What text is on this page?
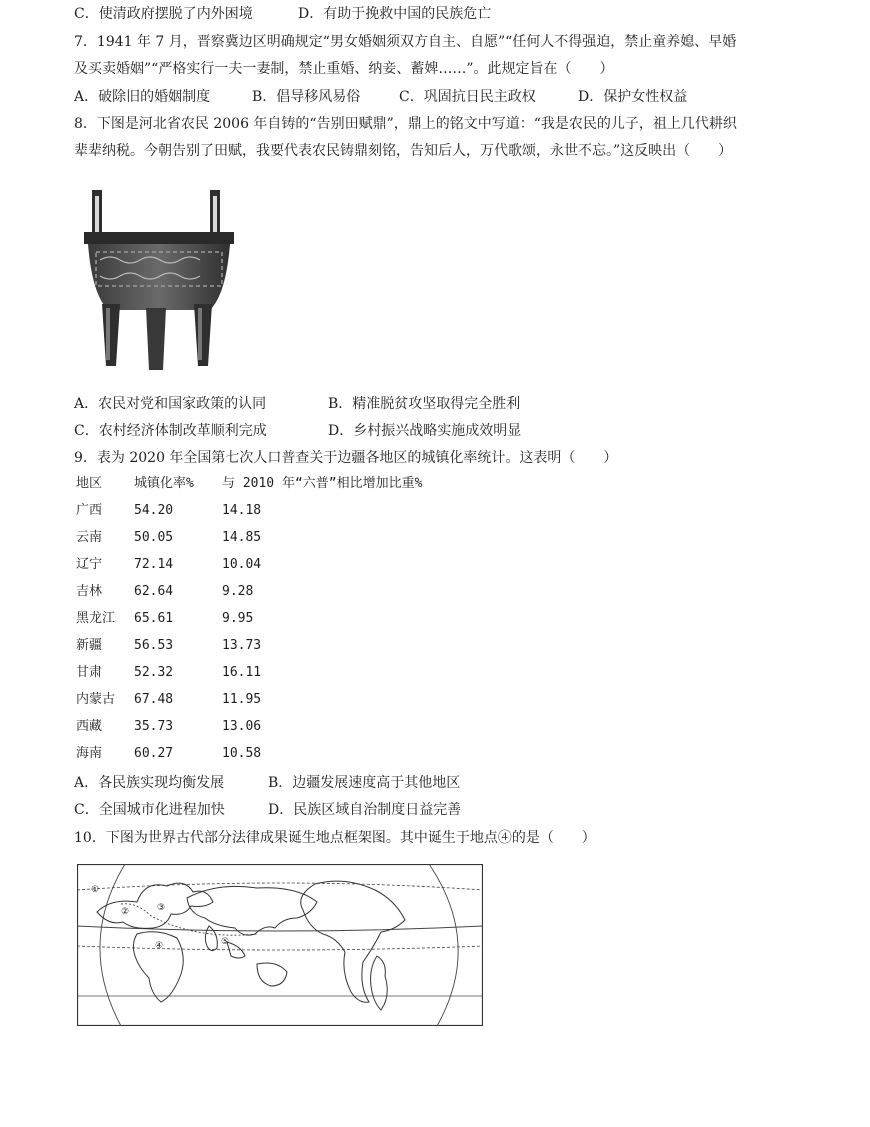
C．使清政府摆脱了内外困境	D．有助于挽救中国的民族危亡
7．1941 年 7 月，晋察冀边区明确规定“男女婚姻须双方自主、自愿”“任何人不得强迫，禁止童养媳、早婚
及买卖婚姻”“严格实行一夫一妻制，禁止重婚、纳妾、蓄婢……”。此规定旨在（　　）
A．破除旧的婚姻制度	B．倡导移风易俗	C．巩固抗日民主政权	D．保护女性权益
8．下图是河北省农民 2006 年自铸的“告别田赋鼎”，鼎上的铭文中写道：“我是农民的儿子，祖上几代耕织
辈辈纳税。今朝告别了田赋，我要代表农民铸鼎刻铭，告知后人，万代歌颂，永世不忘。”这反映出（　　）
A．农民对党和国家政策的认同	B．精准脱贫攻坚取得完全胜利
C．农村经济体制改革顺利完成	D．乡村振兴战略实施成效明显
9．表为 2020 年全国第七次人口普查关于边疆各地区的城镇化率统计。这表明（　　）
地区 城镇化率% 与 2010 年“六普”相比增加比重%
广西 54.20	14.18
云南 50.05	14.85
辽宁 72.14	10.04
吉林 62.64	9.28
黑龙江 65.61	9.95
新疆 56.53	13.73
甘肃 52.32	16.11
内蒙古 67.48	11.95
西藏 35.73	13.06
海南 60.27	10.58
A．各民族实现均衡发展	B．边疆发展速度高于其他地区
C．全国城市化进程加快	D．民族区域自治制度日益完善
10．下图为世界古代部分法律成果诞生地点框架图。其中诞生于地点④的是（　　）
①
②	③
④	⑤
